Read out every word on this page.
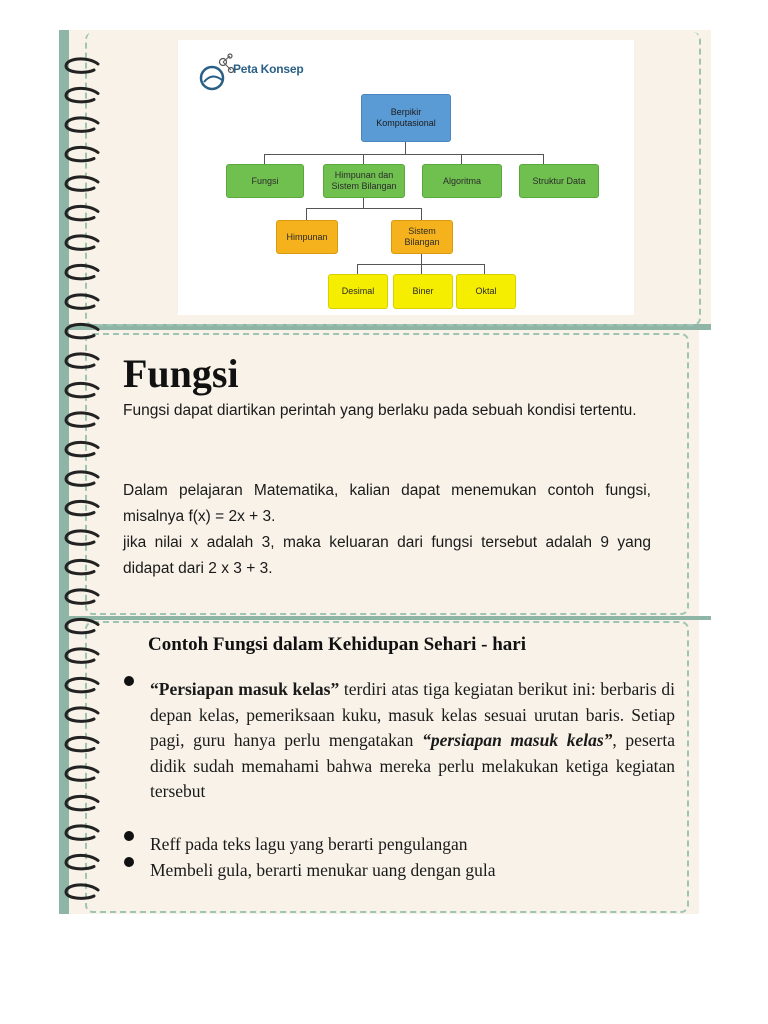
Peta Konsep
Berpikir Komputasional
Fungsi
Himpunan dan Sistem Bilangan
Algoritma	Struktur Data
Himpunan
Sistem Bilangan
Desimal	Biner	Oktal
Fungsi

Fungsi dapat diartikan perintah yang berlaku pada sebuah kondisi tertentu.

Dalam pelajaran Matematika, kalian dapat menemukan contoh fungsi, misalnya f(x) = 2x + 3.

jika nilai x adalah 3, maka keluaran dari fungsi tersebut adalah 9 yang didapat dari 2 x 3 + 3.

Contoh Fungsi dalam Kehidupan Sehari - hari

“Persiapan masuk kelas” terdiri atas tiga kegiatan berikut ini: berbaris di depan kelas, pemeriksaan kuku, masuk kelas sesuai urutan baris. Setiap pagi, guru hanya perlu mengatakan “persiapan masuk kelas”, peserta didik sudah memahami bahwa mereka perlu melakukan ketiga kegiatan tersebut

Reff pada teks lagu yang berarti pengulangan

Membeli gula, berarti menukar uang dengan gula
